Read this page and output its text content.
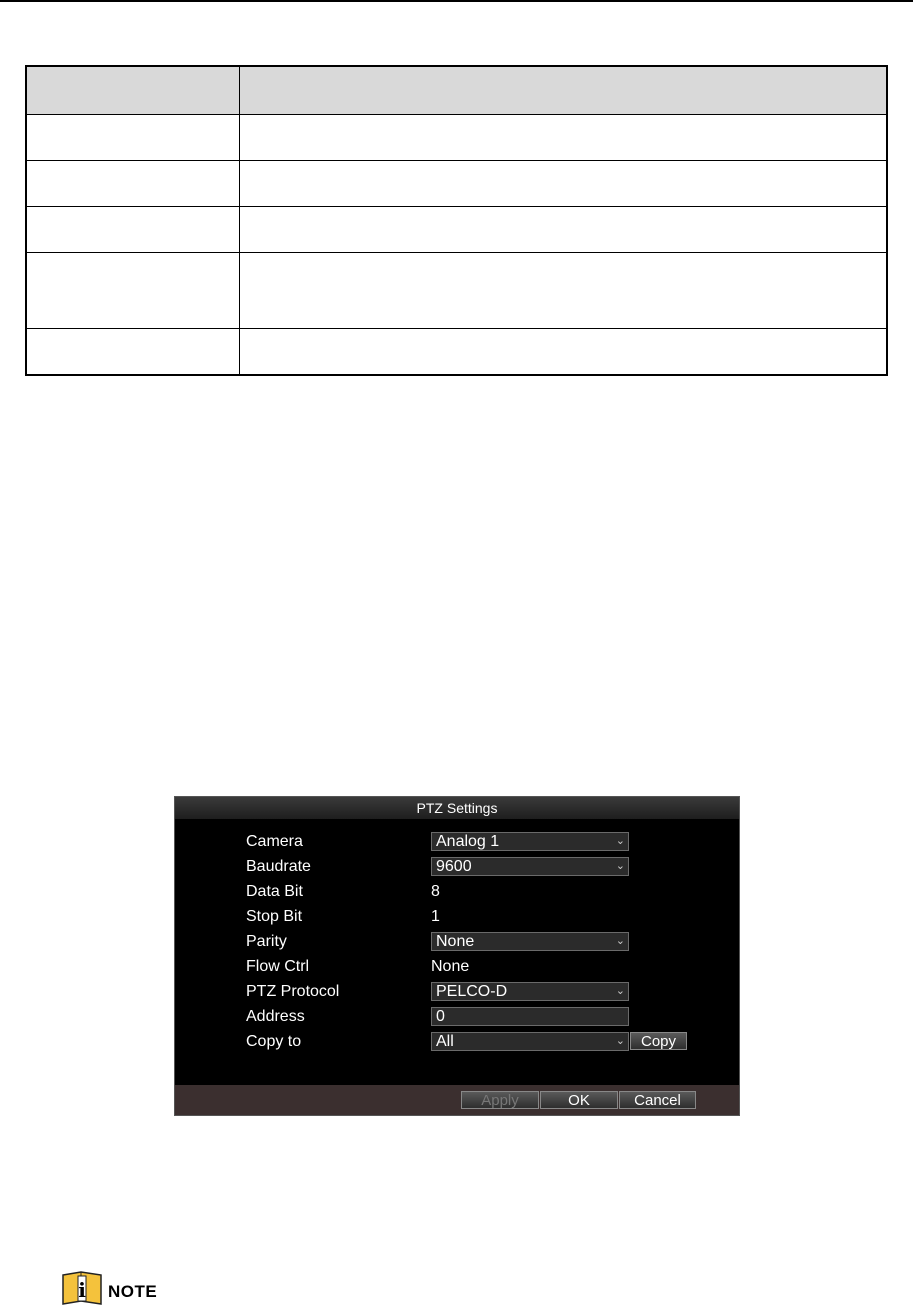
PTZ Settings
Camera	Analog 1	⌄
Baudrate	9600	⌄
Data Bit	8
Stop Bit	1
Parity	None	⌄
Flow Ctrl	None
PTZ Protocol	PELCO-D	⌄
Address	0
Copy to	All	⌄	Copy
Apply	OK	Cancel
i NOTE
